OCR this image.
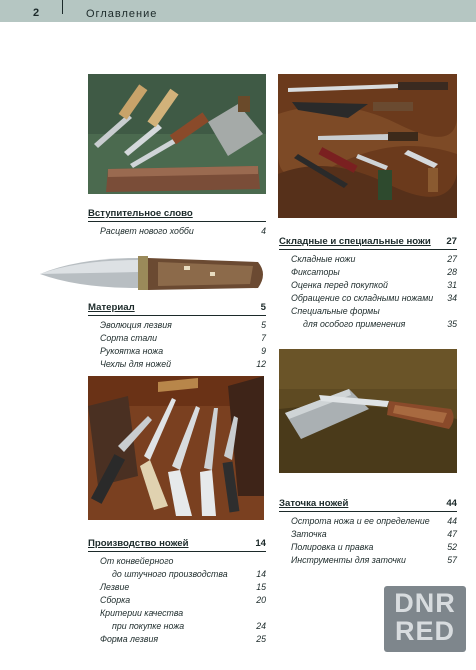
2	Оглавление
Вступительное слово
Расцвет нового хобби	4
Материал	5
Эволюция лезвия	5
Сорта стали	7
Рукоятка ножа	9
Чехлы для ножей	12
Производство ножей	14
От конвейерного
до штучного производства	14
Лезвие	15
Сборка	20
Критерии качества
при покупке ножа	24
Форма лезвия	25
Складные и специальные ножи 27
Складные ножи	27
Фиксаторы	28
Оценка перед покупкой	31
Обращение со складными ножами 34
Специальные формы
для особого применения	35
Заточка ножей	44
Острота ножа и ее определение 44
Заточка	47
Полировка и правка	52
Инструменты для заточки	57
DNR
RED
